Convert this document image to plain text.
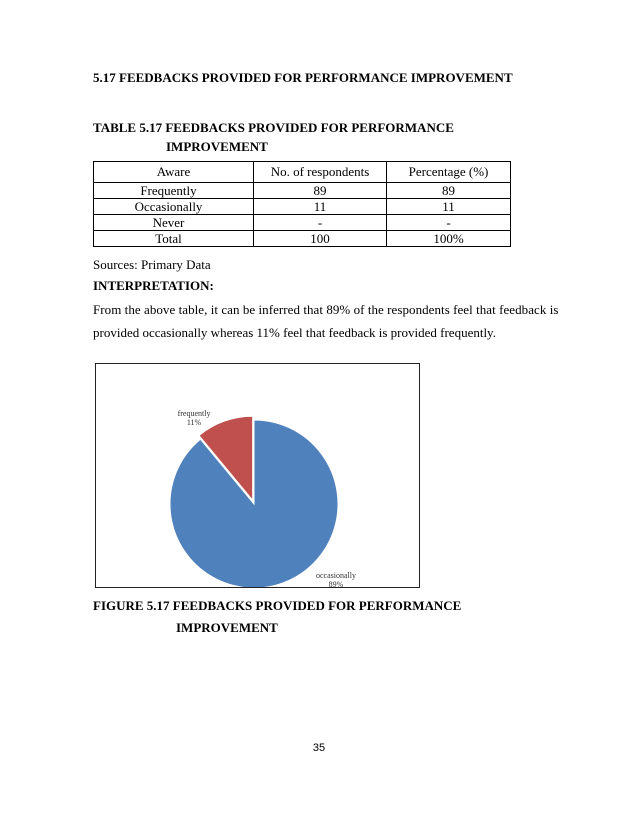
5.17 FEEDBACKS PROVIDED FOR PERFORMANCE IMPROVEMENT
TABLE 5.17 FEEDBACKS PROVIDED FOR PERFORMANCE
IMPROVEMENT
Aware	No. of respondents	Percentage (%)
Frequently	89	89
Occasionally	11	11
Never	-	-
Total	100	100%
Sources: Primary Data
INTERPRETATION:
From the above table, it can be inferred that 89% of the respondents feel that feedback is
provided occasionally whereas 11% feel that feedback is provided frequently.
occasionally
89%
frequently
11%
FIGURE 5.17 FEEDBACKS PROVIDED FOR PERFORMANCE
IMPROVEMENT
35
